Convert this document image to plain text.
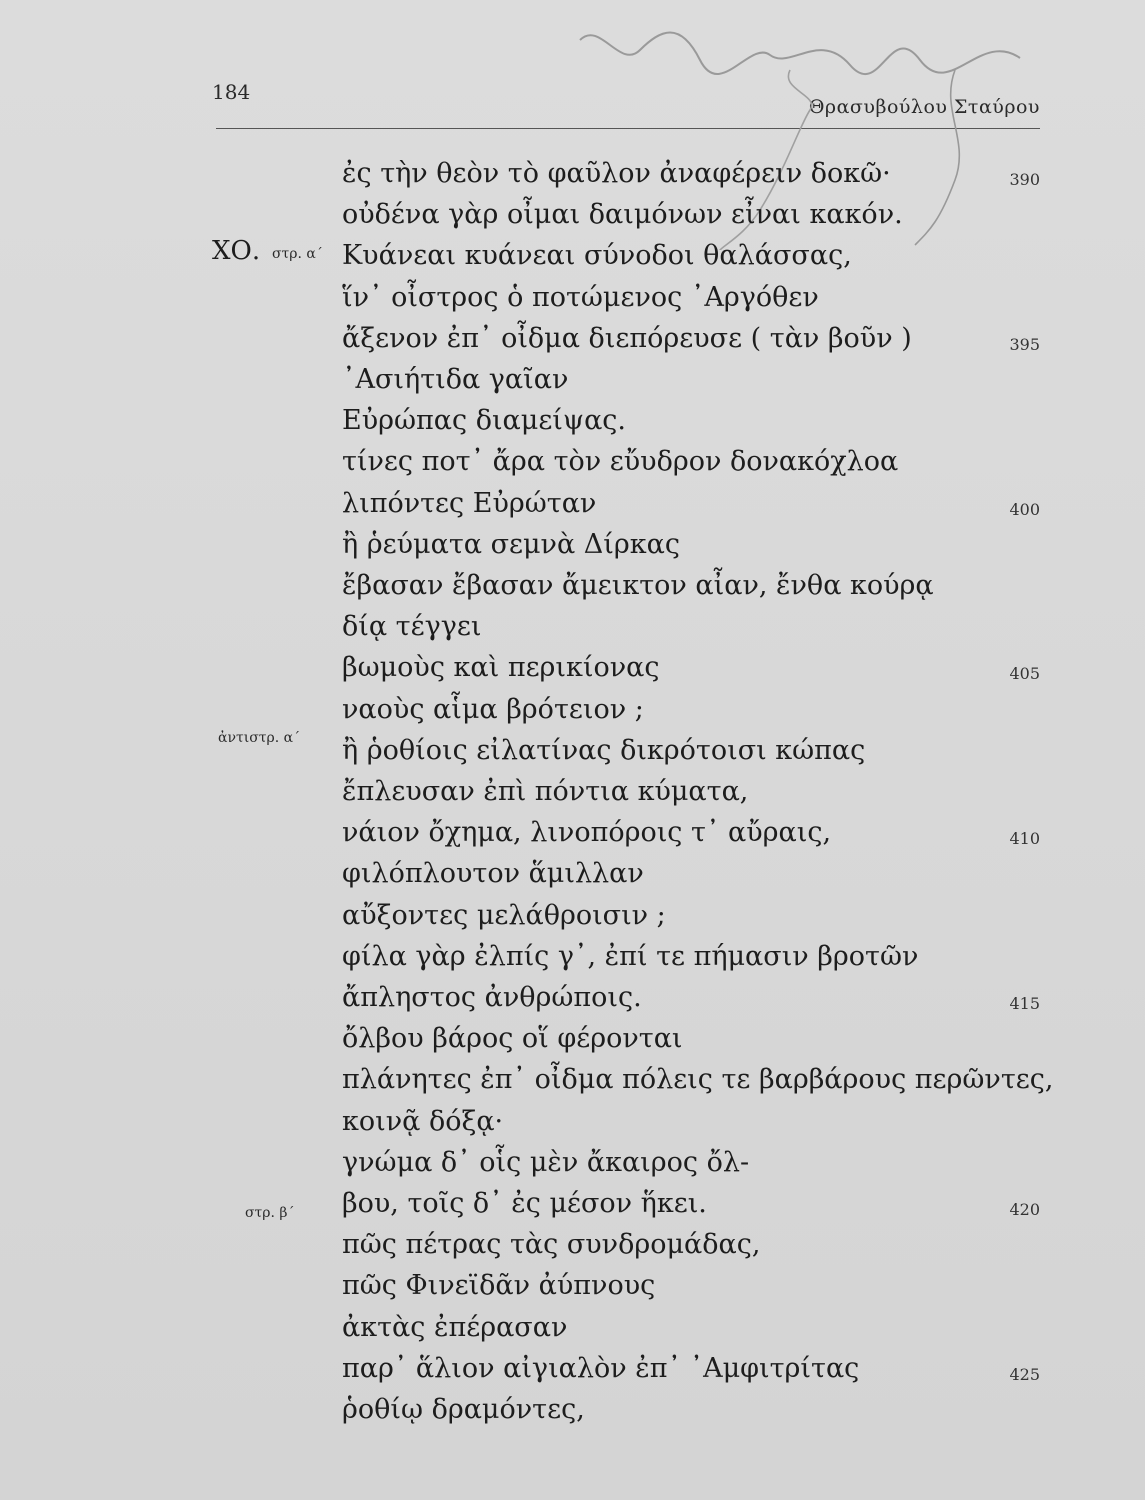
184
Θρασυβούλου Σταύρου
ΧΟ. στρ. α΄
ἀντιστρ. α΄
στρ. β΄
ἐς τὴν θεὸν τὸ φαῦλον ἀναφέρειν δοκῶ·	390
οὐδένα γὰρ οἶμαι δαιμόνων εἶναι κακόν.
Κυάνεαι κυάνεαι σύνοδοι θαλάσσας,
ἵν᾽ οἶστρος ὁ ποτώμενος ᾽Αργόθεν
ἄξενον ἐπ᾽ οἶδμα διεπόρευσε ( τὰν βοῦν )	395
᾽Ασιήτιδα γαῖαν
Εὐρώπας διαμείψας.
τίνες ποτ᾽ ἄρα τὸν εὔυδρον δονακόχλοα
λιπόντες Εὐρώταν	400
ἢ ῥεύματα σεμνὰ Δίρκας
ἔβασαν ἔβασαν ἄμεικτον αἶαν, ἔνθα κούρᾳ
δίᾳ τέγγει
βωμοὺς καὶ περικίονας	405
ναοὺς αἷμα βρότειον ;
ἢ ῥοθίοις εἰλατίνας δικρότοισι κώπας
ἔπλευσαν ἐπὶ πόντια κύματα,
νάιον ὄχημα, λινοπόροις τ᾽ αὔραις,	410
φιλόπλουτον ἅμιλλαν
αὔξοντες μελάθροισιν ;
φίλα γὰρ ἐλπίς γ᾽, ἐπί τε πήμασιν βροτῶν
ἄπληστος ἀνθρώποις.	415
ὄλβου βάρος οἵ φέρονται
πλάνητες ἐπ᾽ οἶδμα πόλεις τε βαρβάρους περῶντες,
κοινᾷ δόξᾳ·
γνώμα δ᾽ οἷς μὲν ἄκαιρος ὄλ-
βου, τοῖς δ᾽ ἐς μέσον ἥκει.	420
πῶς πέτρας τὰς συνδρομάδας,
πῶς Φινεϊδᾶν ἀύπνους
ἀκτὰς ἐπέρασαν
παρ᾽ ἅλιον αἰγιαλὸν ἐπ᾽ ᾽Αμφιτρίτας	425
ῥοθίῳ δραμόντες,
